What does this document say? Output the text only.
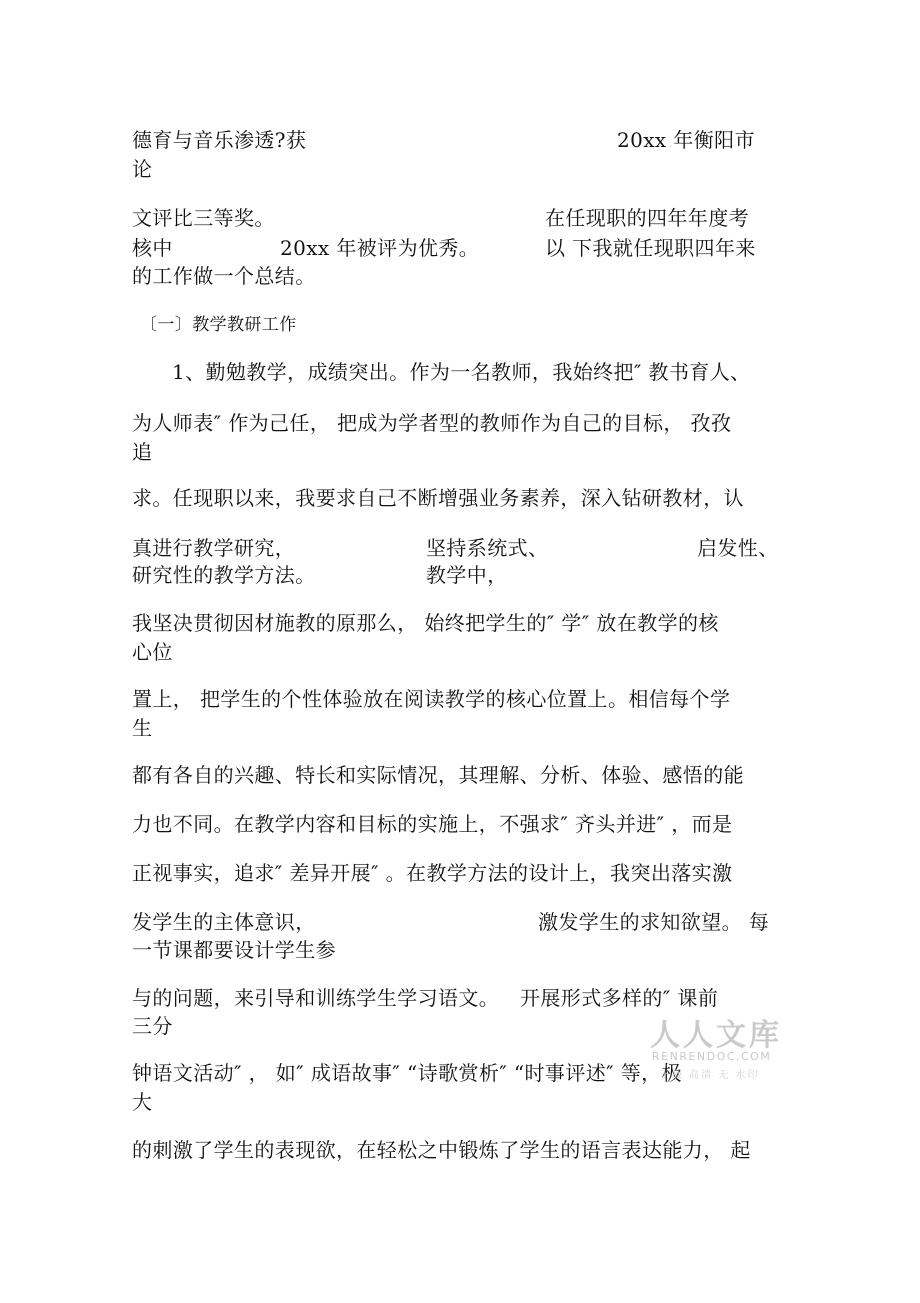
德育与音乐渗透?获	20xx 年衡阳市
论
文评比三等奖。	在任现职的四年年度考
核中	20xx 年被评为优秀。	以 下我就任现职四年来
的工作做一个总结。
〔一〕教学教研工作
1、勤勉教学，成绩突出。作为一名教师，我始终把″ 教书育人、
为人师表″ 作为己任， 把成为学者型的教师作为自己的目标， 孜孜
追
求。任现职以来，我要求自己不断增强业务素养，深入钻研教材，认
真进行教学研究，	坚持系统式、	启发性、
研究性的教学方法。	教学中，
我坚决贯彻因材施教的原那么， 始终把学生的″ 学″ 放在教学的核
心位
置上， 把学生的个性体验放在阅读教学的核心位置上。相信每个学
生
都有各自的兴趣、特长和实际情况，其理解、分析、体验、感悟的能
力也不同。在教学内容和目标的实施上，不强求″ 齐头并进″ ，而是
正视事实，追求″ 差异开展″ 。在教学方法的设计上，我突出落实激
发学生的主体意识，	激发学生的求知欲望。 每
一节课都要设计学生参
与的问题，来引导和训练学生学习语文。 开展形式多样的″ 课前
三分
钟语文活动″ ， 如″ 成语故事″ “诗歌赏析″ “时事评述″ 等，极
大
的刺激了学生的表现欲，在轻松之中锻炼了学生的语言表达能力， 起
人人文库
RENRENDOC.COM
下载 高清 无 水印
